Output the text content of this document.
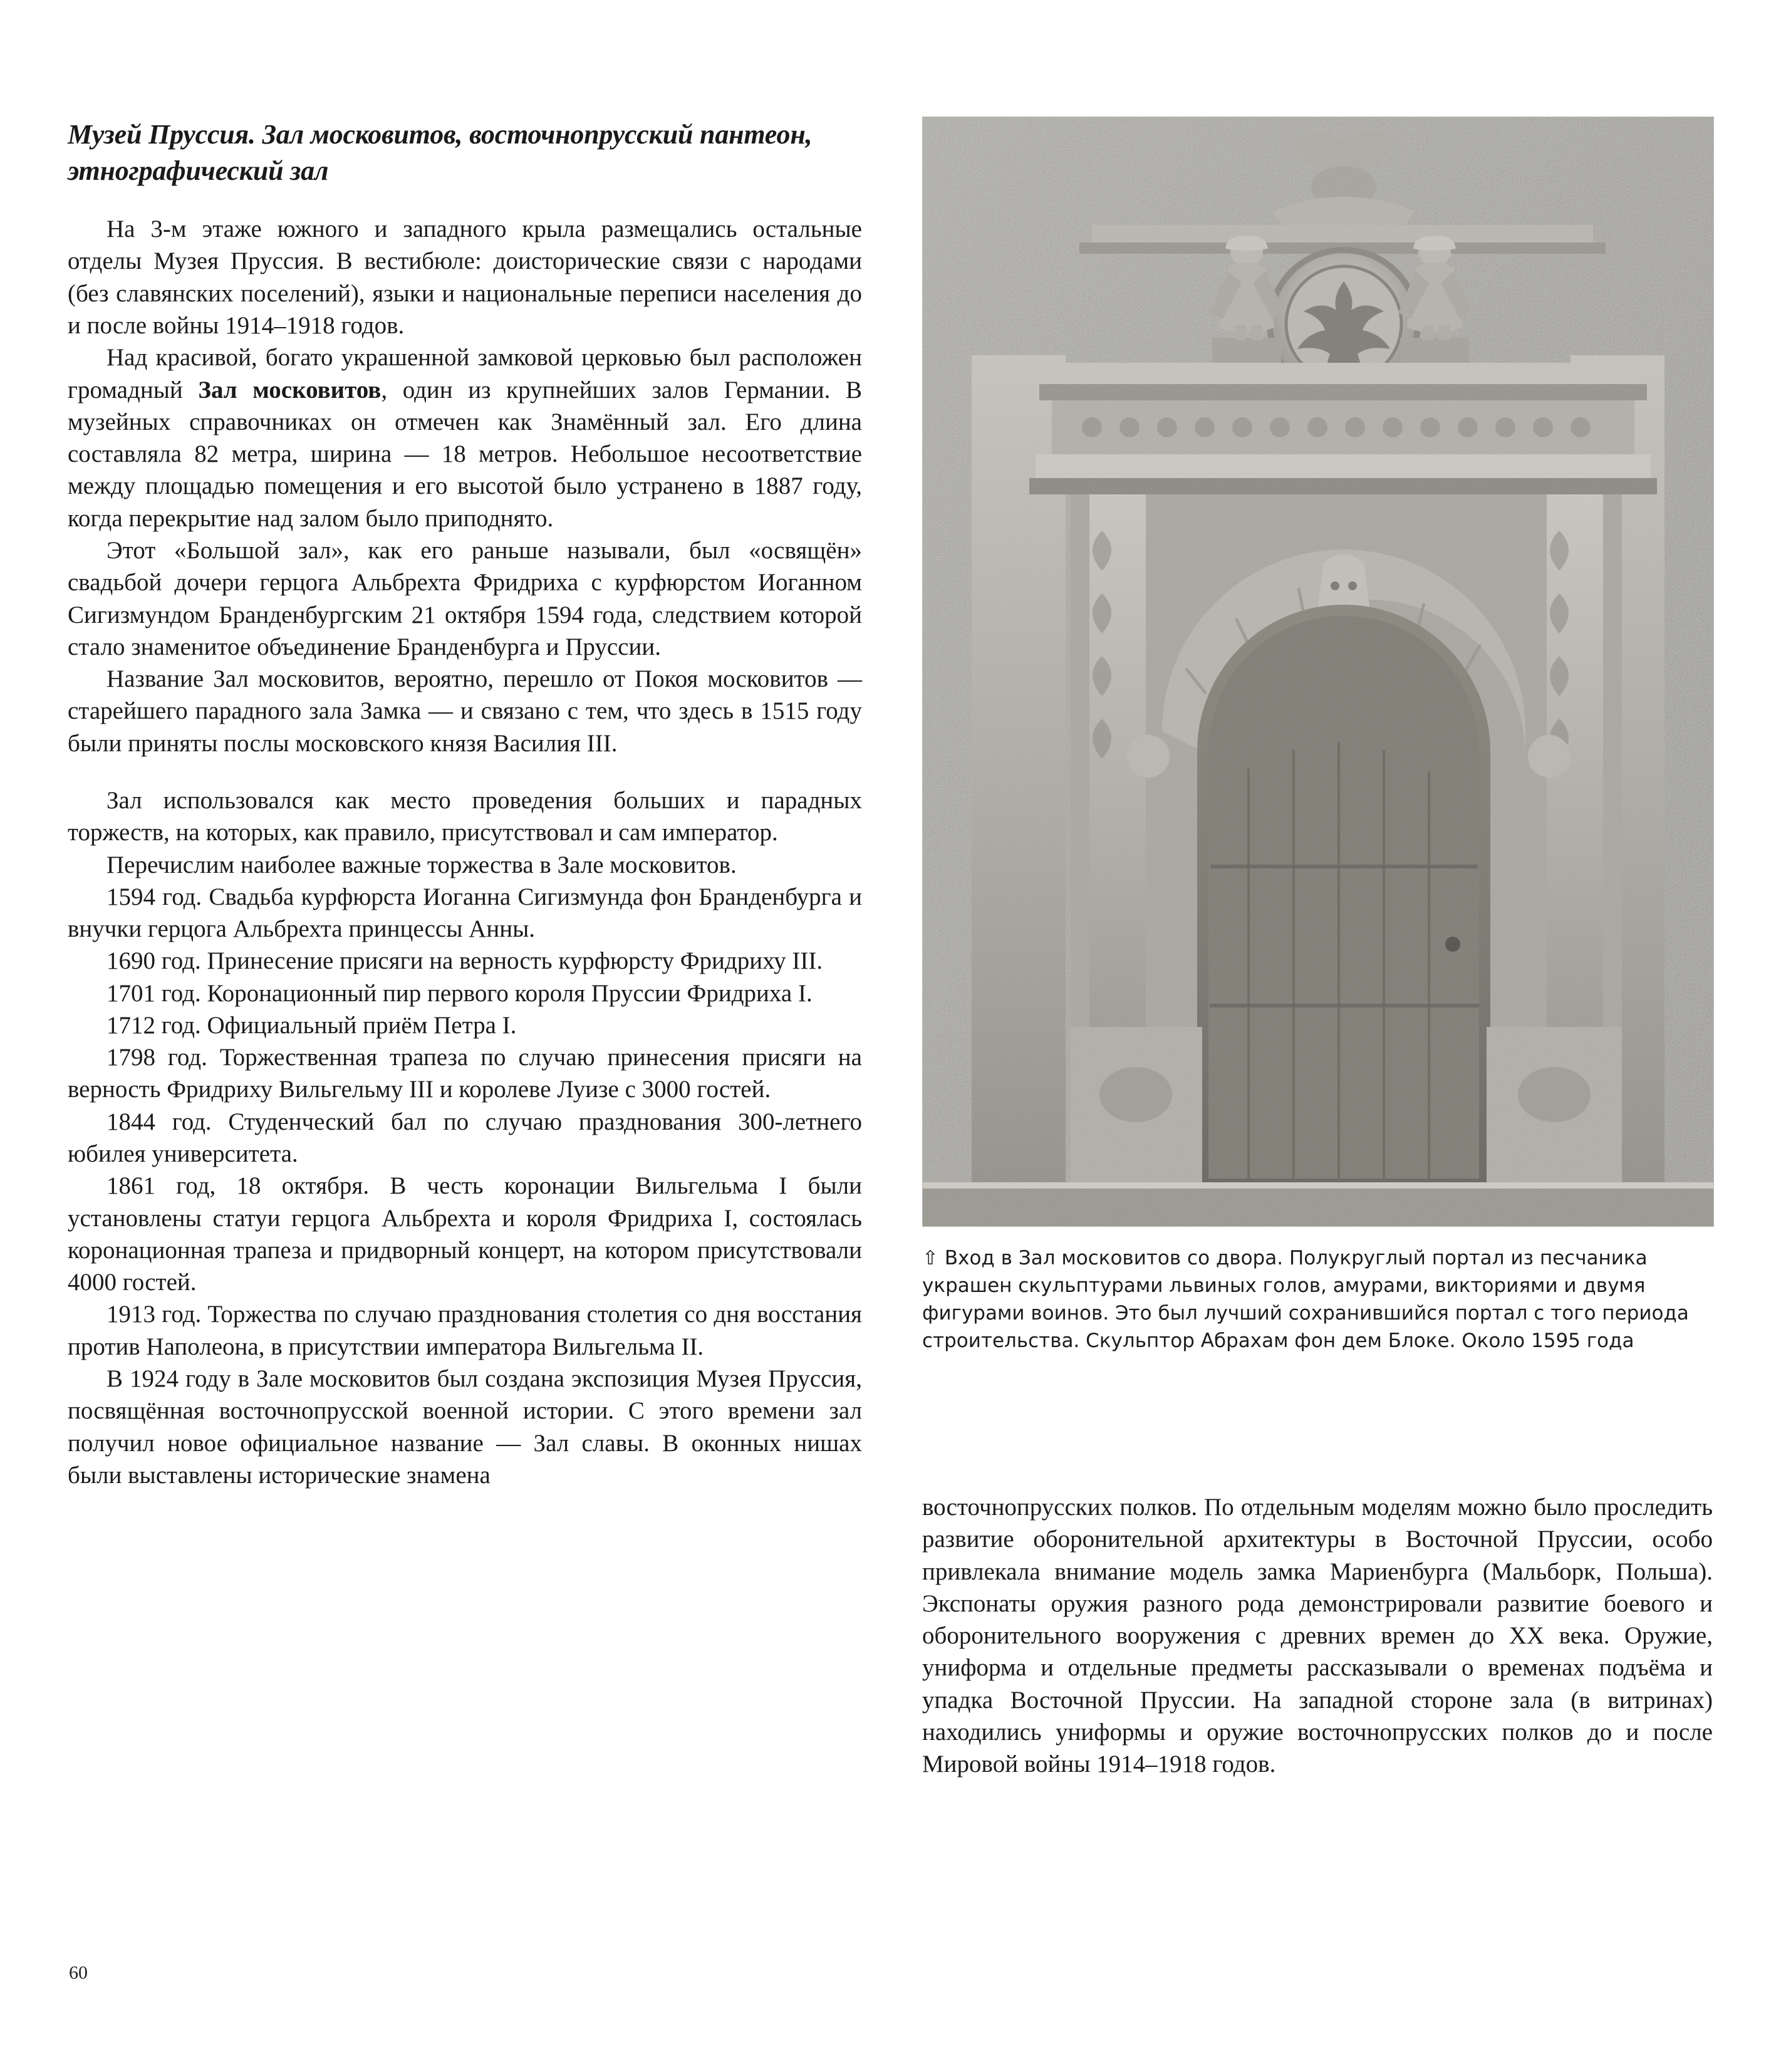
Музей Пруссия. Зал московитов, восточнопрусский пантеон, этнографический зал

На 3-м этаже южного и западного крыла размещались остальные отделы Музея Пруссия. В вестибюле: доисторические связи с народами (без славянских поселений), языки и национальные переписи населения до и после войны 1914–1918 годов.

Над красивой, богато украшенной замковой церковью был расположен громадный Зал московитов, один из крупнейших залов Германии. В музейных справочниках он отмечен как Знамённый зал. Его длина составляла 82 метра, ширина — 18 метров. Небольшое несоответствие между площадью помещения и его высотой было устранено в 1887 году, когда перекрытие над залом было приподнято.

Этот «Большой зал», как его раньше называли, был «освящён» свадьбой дочери герцога Альбрехта Фридриха с курфюрстом Иоганном Сигизмундом Бранденбургским 21 октября 1594 года, следствием которой стало знаменитое объединение Бранденбурга и Пруссии.

Название Зал московитов, вероятно, перешло от Покоя московитов — старейшего парадного зала Замка — и связано с тем, что здесь в 1515 году были приняты послы московского князя Василия III.

Зал использовался как место проведения больших и парадных торжеств, на которых, как правило, присутствовал и сам император.

Перечислим наиболее важные торжества в Зале московитов.

1594 год. Свадьба курфюрста Иоганна Сигизмунда фон Бранденбурга и внучки герцога Альбрехта принцессы Анны.

1690 год. Принесение присяги на верность курфюрсту Фридриху III.

1701 год. Коронационный пир первого короля Пруссии Фридриха I.

1712 год. Официальный приём Петра I.

1798 год. Торжественная трапеза по случаю принесения присяги на верность Фридриху Вильгельму III и королеве Луизе с 3000 гостей.

1844 год. Студенческий бал по случаю празднования 300-летнего юбилея университета.

1861 год, 18 октября. В честь коронации Вильгельма I были установлены статуи герцога Альбрехта и короля Фридриха I, состоялась коронационная трапеза и придворный концерт, на котором присутствовали 4000 гостей.

1913 год. Торжества по случаю празднования столетия со дня восстания против Наполеона, в присутствии императора Вильгельма II.

В 1924 году в Зале московитов был создана экспозиция Музея Пруссия, посвящённая восточнопрусской военной истории. С этого времени зал получил новое официальное название — Зал славы. В оконных нишах были выставлены исторические знамена

⇧ Вход в Зал московитов со двора. Полукруглый портал из песчаника украшен скульптурами львиных голов, амурами, викториями и двумя фигурами воинов. Это был лучший сохранившийся портал с того периода строительства. Скульптор Абрахам фон дем Блоке. Около 1595 года

восточнопрусских полков. По отдельным моделям можно было проследить развитие оборонительной архитектуры в Восточной Пруссии, особо привлекала внимание модель замка Мариенбурга (Мальборк, Польша). Экспонаты оружия разного рода демонстрировали развитие боевого и оборонительного вооружения с древних времен до XX века. Оружие, униформа и отдельные предметы рассказывали о временах подъёма и упадка Восточной Пруссии. На западной стороне зала (в витринах) находились униформы и оружие восточнопрусских полков до и после Мировой войны 1914–1918 годов.

60
